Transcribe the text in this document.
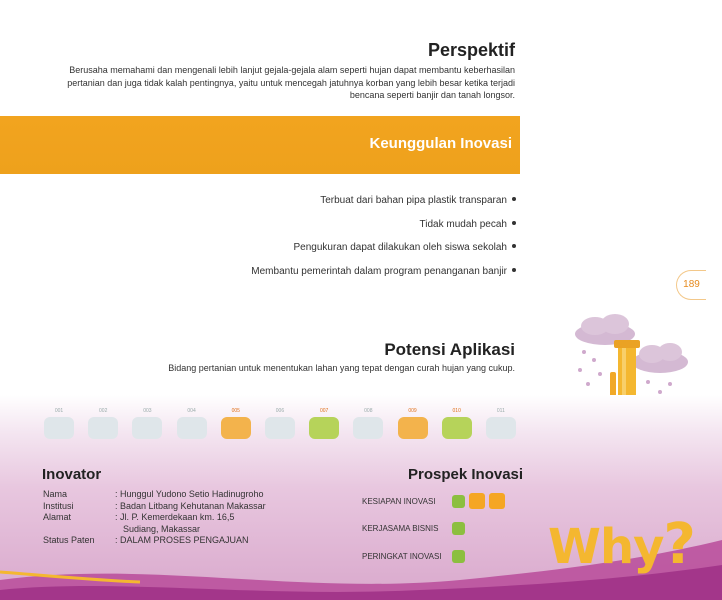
Perspektif

Berusaha memahami dan mengenali lebih lanjut gejala-gejala alam seperti hujan dapat membantu keberhasilan pertanian dan juga tidak kalah pentingnya, yaitu untuk mencegah jatuhnya korban yang lebih besar ketika terjadi bencana seperti banjir dan tanah longsor.

Keunggulan Inovasi
Terbuat dari bahan pipa plastik transparan
Tidak mudah pecah
Pengukuran dapat dilakukan oleh siswa sekolah
Membantu pemerintah dalam program penanganan banjir
189
Potensi Aplikasi

Bidang pertanian untuk menentukan lahan yang tepat dengan curah hujan yang cukup.

001	002	003	004	005	006	007	008	009	010	011
Inovator
Nama	: Hunggul Yudono Setio Hadinugroho
Institusi	: Badan Litbang Kehutanan Makassar
Alamat	: Jl. P. Kemerdekaan km. 16,5
	Sudiang, Makassar
Status Paten	: DALAM PROSES PENGAJUAN
Prospek Inovasi
KESIAPAN INOVASI
KERJASAMA BISNIS
PERINGKAT INOVASI Why?
